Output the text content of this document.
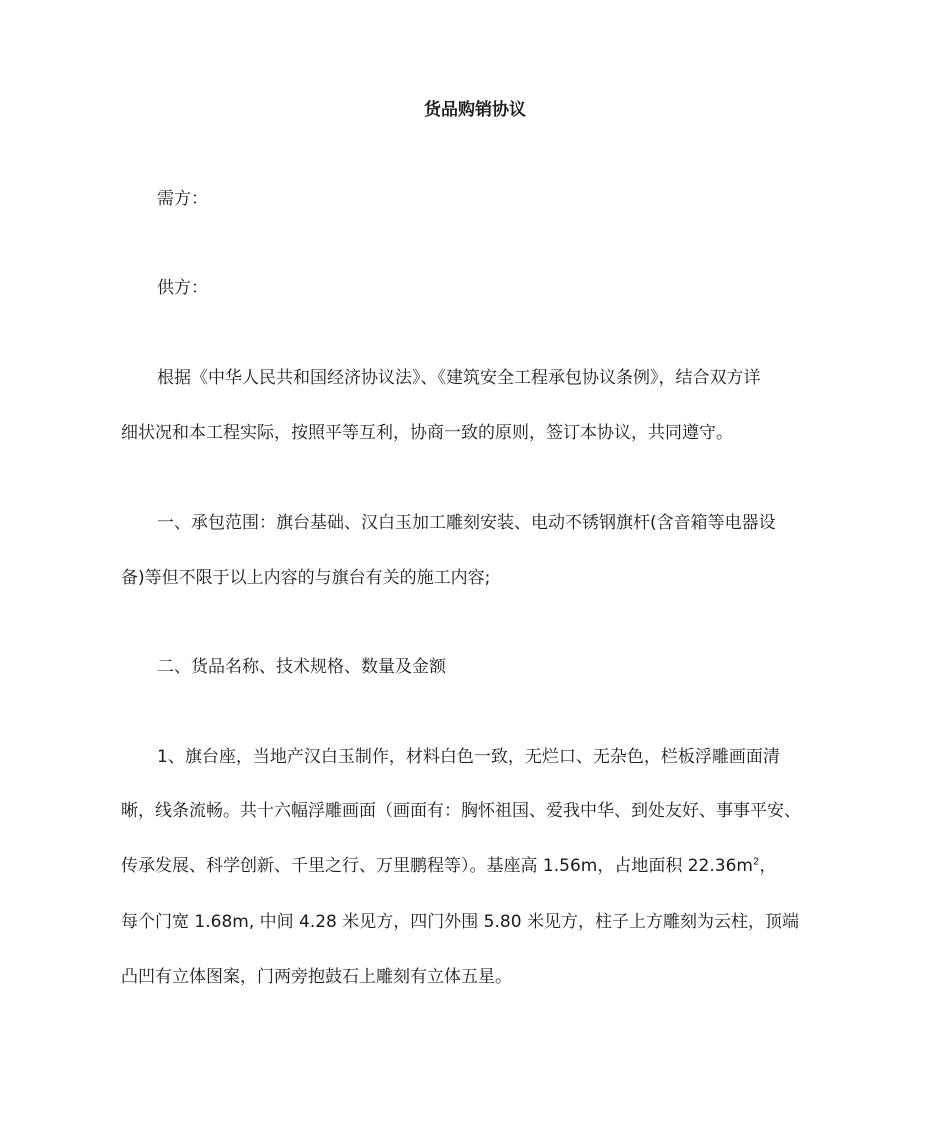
货品购销协议
需方：
供方：
根据《中华人民共和国经济协议法》、《建筑安全工程承包协议条例》，结合双方详
细状况和本工程实际，按照平等互利，协商一致的原则，签订本协议，共同遵守。
一、承包范围：旗台基础、汉白玉加工雕刻安装、电动不锈钢旗杆(含音箱等电器设
备)等但不限于以上内容的与旗台有关的施工内容;
二、货品名称、技术规格、数量及金额
1、旗台座，当地产汉白玉制作，材料白色一致，无烂口、无杂色，栏板浮雕画面清
晰，线条流畅。共十六幅浮雕画面（画面有：胸怀祖国、爱我中华、到处友好、事事平安、
传承发展、科学创新、千里之行、万里鹏程等）。基座高 1.56m，占地面积 $22.36m^2$，
每个门宽 1.68m, 中间 4.28 米见方，四门外围 5.80 米见方，柱子上方雕刻为云柱，顶端
凸凹有立体图案，门两旁抱鼓石上雕刻有立体五星。
